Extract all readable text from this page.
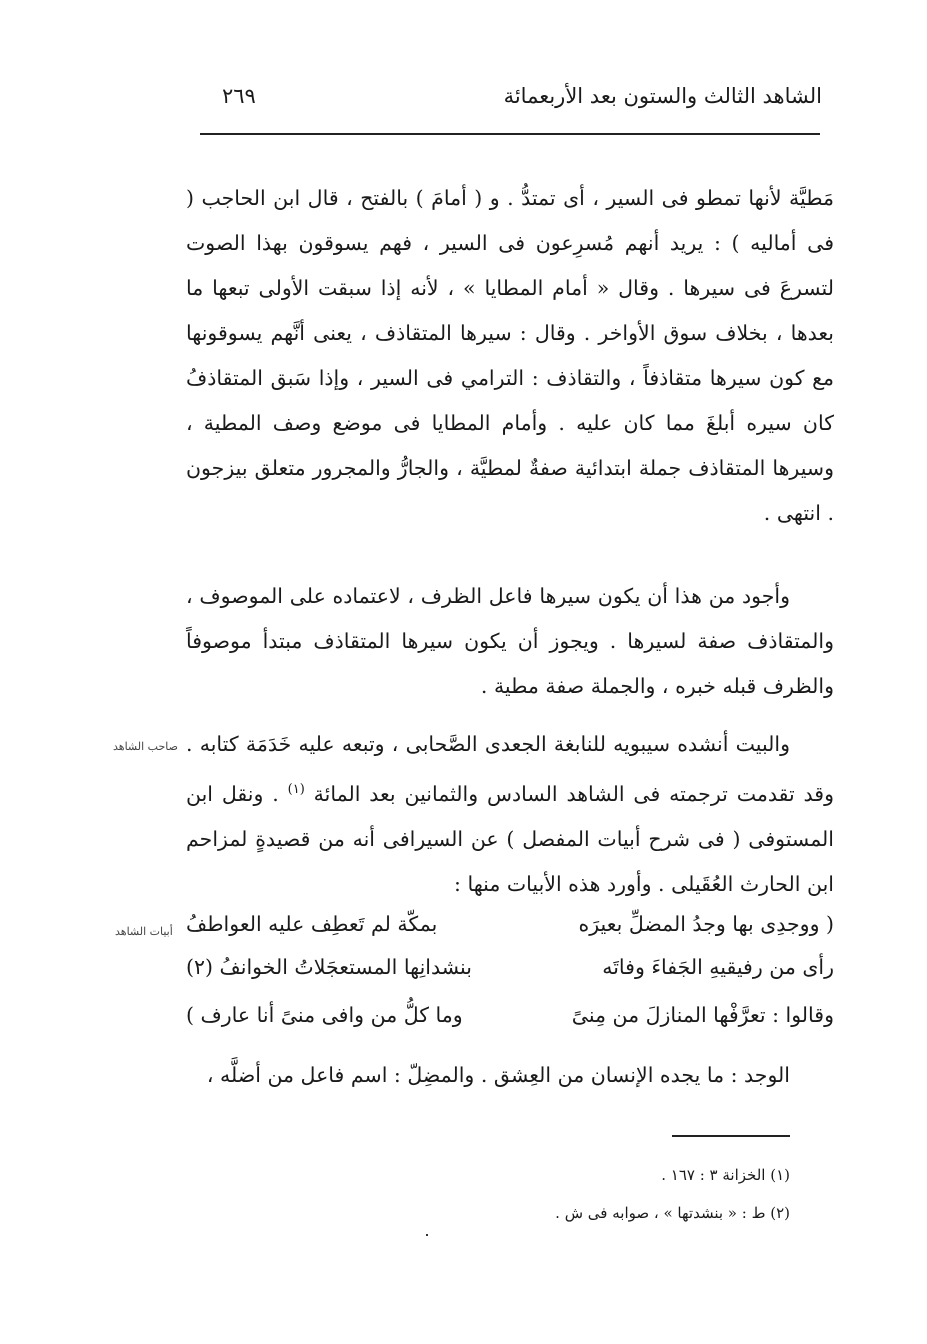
الشاهد الثالث والستون بعد الأربعمائة
٢٦٩

مَطيَّة لأنها تمطو فى السير ، أى تمتدُّ . و ( أمامَ ) بالفتح ، قال ابن الحاجب ( فى أماليه ) : يريد أنهم مُسرِعون فى السير ، فهم يسوقون بهذا الصوت لتسرعَ فى سيرها . وقال « أمام المطايا » ، لأنه إذا سبقت الأولى تبعها ما بعدها ، بخلاف سوق الأواخر . وقال : سيرها المتقاذف ، يعنى أنَّهم يسوقونها مع كون سيرها متقاذفاً ، والتقاذف : الترامي فى السير ، وإذا سَبق المتقاذفُ كان سيره أبلغَ مما كان عليه . وأمام المطايا فى موضع وصف المطية ، وسيرها المتقاذف جملة ابتدائية صفةٌ لمطيَّة ، والجارُّ والمجرور متعلق بيزجون . انتهى .

وأجود من هذا أن يكون سيرها فاعل الظرف ، لاعتماده على الموصوف ، والمتقاذف صفة لسيرها . ويجوز أن يكون سيرها المتقاذف مبتدأ موصوفاً والظرف قبله خبره ، والجملة صفة مطية .

والبيت أنشده سيبويه للنابغة الجعدى الصَّحابى ، وتبعه عليه خَدَمَة كتابه . وقد تقدمت ترجمته فى الشاهد السادس والثمانين بعد المائة $^{(١)}$ . ونقل ابن المستوفى ( فى شرح أبيات المفصل ) عن السيرافى أنه من قصيدةٍ لمزاحم ابن الحارث العُقَيلى . وأورد هذه الأبيات منها :

صاحب الشاهد
أبيات الشاهد	( ووجدِى بها وجدُ المضلِّ بعيرَه
بمكّة لم تَعطِف عليه العواطفُ
رأى من رفيقيهِ الجَفاءَ وفاتَه
بنشدانِها المستعجَلاتُ الخوانفُ (٢)
وقالوا : تعرَّفْها المنازلَ من مِنىً
وما كلُّ من وافى منىً أنا عارف )

الوجد : ما يجده الإنسان من العِشق . والمضِلّ : اسم فاعل من أضلَّه ،

(١) الخزانة ٣ : ١٦٧ .
(٢) ط : « بنشدتها » ، صوابه فى ش .
